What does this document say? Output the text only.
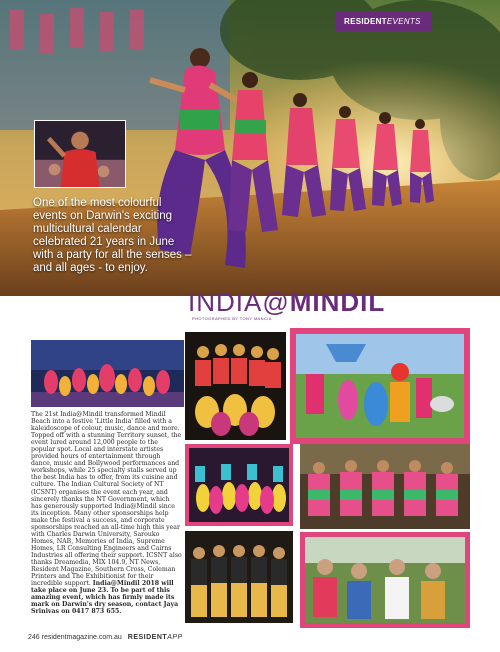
RESIDENT EVENTS
One of the most colourful events on Darwin's exciting multicultural calendar celebrated 21 years in June with a party for all the senses – and all ages - to enjoy.
INDIA@MINDIL
PHOTOGRAPHED BY TONY MANCIA
The 21st India@Mindil transformed Mindil Beach into a festive 'Little India' filled with a kaleidoscope of colour, music, dance and more. Topped off with a stunning Territory sunset, the event lured around 12,000 people to the popular spot. Local and interstate artistes provided hours of entertainment through dance, music and Bollywood performances and workshops, while 25 specialty stalls served up the best India has to offer, from its cuisine and culture. The Indian Cultural Society of NT (ICSNT) organises the event each year, and sincerely thanks the NT Government, which has generously supported India@Mindil since its inception. Many other sponsorships help make the festival a success, and corporate sponsorships reached an all-time high this year with Charles Darwin University, Sarouko Homes, NAB, Memories of India, Supreme Homes, LR Consulting Engineers and Cairns Industries all offering their support. ICSNT also thanks Dreamedia, MIX 104.9, NT News, Resident Magazine, Southern Cross, Coleman Printers and The Exhibitionist for their incredible support. India@Mindil 2018 will take place on June 23. To be part of this amazing event, which has firmly made its mark on Darwin's dry season, contact Jaya Srinivas on 0417 873 655.
246 residentmagazine.com.au RESIDENTAPP
